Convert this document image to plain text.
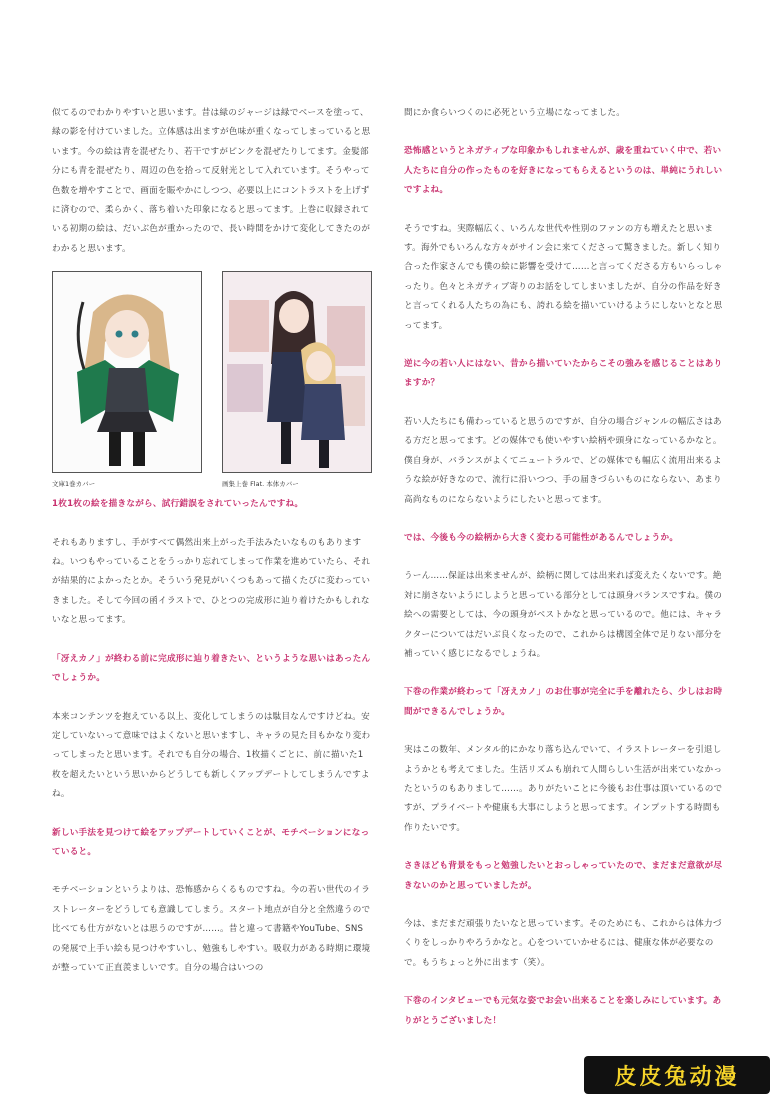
似てるのでわかりやすいと思います。昔は緑のジャージは緑でベースを塗って、緑の影を付けていました。立体感は出ますが色味が重くなってしまっていると思います。今の絵は青を混ぜたり、若干ですがピンクを混ぜたりしてます。金髪部分にも青を混ぜたり、周辺の色を拾って反射光として入れています。そうやって色数を増やすことで、画面を賑やかにしつつ、必要以上にコントラストを上げずに済むので、柔らかく、落ち着いた印象になると思ってます。上巻に収録されている初期の絵は、だいぶ色が重かったので、長い時間をかけて変化してきたのがわかると思います。

文庫1巻カバー	画集上巻 Flat. 本体カバー

1枚1枚の絵を描きながら、試行錯誤をされていったんですね。

それもありますし、手がすべて偶然出来上がった手法みたいなものもありますね。いつもやっていることをうっかり忘れてしまって作業を進めていたら、それが結果的によかったとか。そういう発見がいくつもあって描くたびに変わっていきました。そして今回の函イラストで、ひとつの完成形に辿り着けたかもしれないなと思ってます。

「冴えカノ」が終わる前に完成形に辿り着きたい、というような思いはあったんでしょうか。

本来コンテンツを抱えている以上、変化してしまうのは駄目なんですけどね。安定していないって意味ではよくないと思いますし、キャラの見た目もかなり変わってしまったと思います。それでも自分の場合、1枚描くごとに、前に描いた1枚を超えたいという思いからどうしても新しくアップデートしてしまうんですよね。

新しい手法を見つけて絵をアップデートしていくことが、モチベーションになっていると。

モチベーションというよりは、恐怖感からくるものですね。今の若い世代のイラストレーターをどうしても意識してしまう。スタート地点が自分と全然違うので比べても仕方がないとは思うのですが……。昔と違って書籍やYouTube、SNSの発展で上手い絵も見つけやすいし、勉強もしやすい。吸収力がある時期に環境が整っていて正直羨ましいです。自分の場合はいつの

間にか食らいつくのに必死という立場になってました。

恐怖感というとネガティブな印象かもしれませんが、歳を重ねていく中で、若い人たちに自分の作ったものを好きになってもらえるというのは、単純にうれしいですよね。

そうですね。実際幅広く、いろんな世代や性別のファンの方も増えたと思います。海外でもいろんな方々がサイン会に来てくださって驚きました。新しく知り合った作家さんでも僕の絵に影響を受けて……と言ってくださる方もいらっしゃったり。色々とネガティブ寄りのお話をしてしまいましたが、自分の作品を好きと言ってくれる人たちの為にも、誇れる絵を描いていけるようにしないとなと思ってます。

逆に今の若い人にはない、昔から描いていたからこその強みを感じることはありますか？

若い人たちにも備わっていると思うのですが、自分の場合ジャンルの幅広さはある方だと思ってます。どの媒体でも使いやすい絵柄や頭身になっているかなと。僕自身が、バランスがよくてニュートラルで、どの媒体でも幅広く流用出来るような絵が好きなので、流行に沿いつつ、手の届きづらいものにならない、あまり高尚なものにならないようにしたいと思ってます。

では、今後も今の絵柄から大きく変わる可能性があるんでしょうか。

うーん……保証は出来ませんが、絵柄に関しては出来れば変えたくないです。絶対に崩さないようにしようと思っている部分としては頭身バランスですね。僕の絵への需要としては、今の頭身がベストかなと思っているので。他には、キャラクターについてはだいぶ良くなったので、これからは構図全体で足りない部分を補っていく感じになるでしょうね。

下巻の作業が終わって「冴えカノ」のお仕事が完全に手を離れたら、少しはお時間ができるんでしょうか。

実はこの数年、メンタル的にかなり落ち込んでいて、イラストレーターを引退しようかとも考えてました。生活リズムも崩れて人間らしい生活が出来ていなかったというのもありまして……。ありがたいことに今後もお仕事は頂いているのですが、プライベートや健康も大事にしようと思ってます。インプットする時間も作りたいです。

さきほども背景をもっと勉強したいとおっしゃっていたので、まだまだ意欲が尽きないのかと思っていましたが。

今は、まだまだ頑張りたいなと思っています。そのためにも、これからは体力づくりをしっかりやろうかなと。心をついていかせるには、健康な体が必要なので。もうちょっと外に出ます（笑）。

下巻のインタビューでも元気な姿でお会い出来ることを楽しみにしています。ありがとうございました！

皮皮兔动漫
